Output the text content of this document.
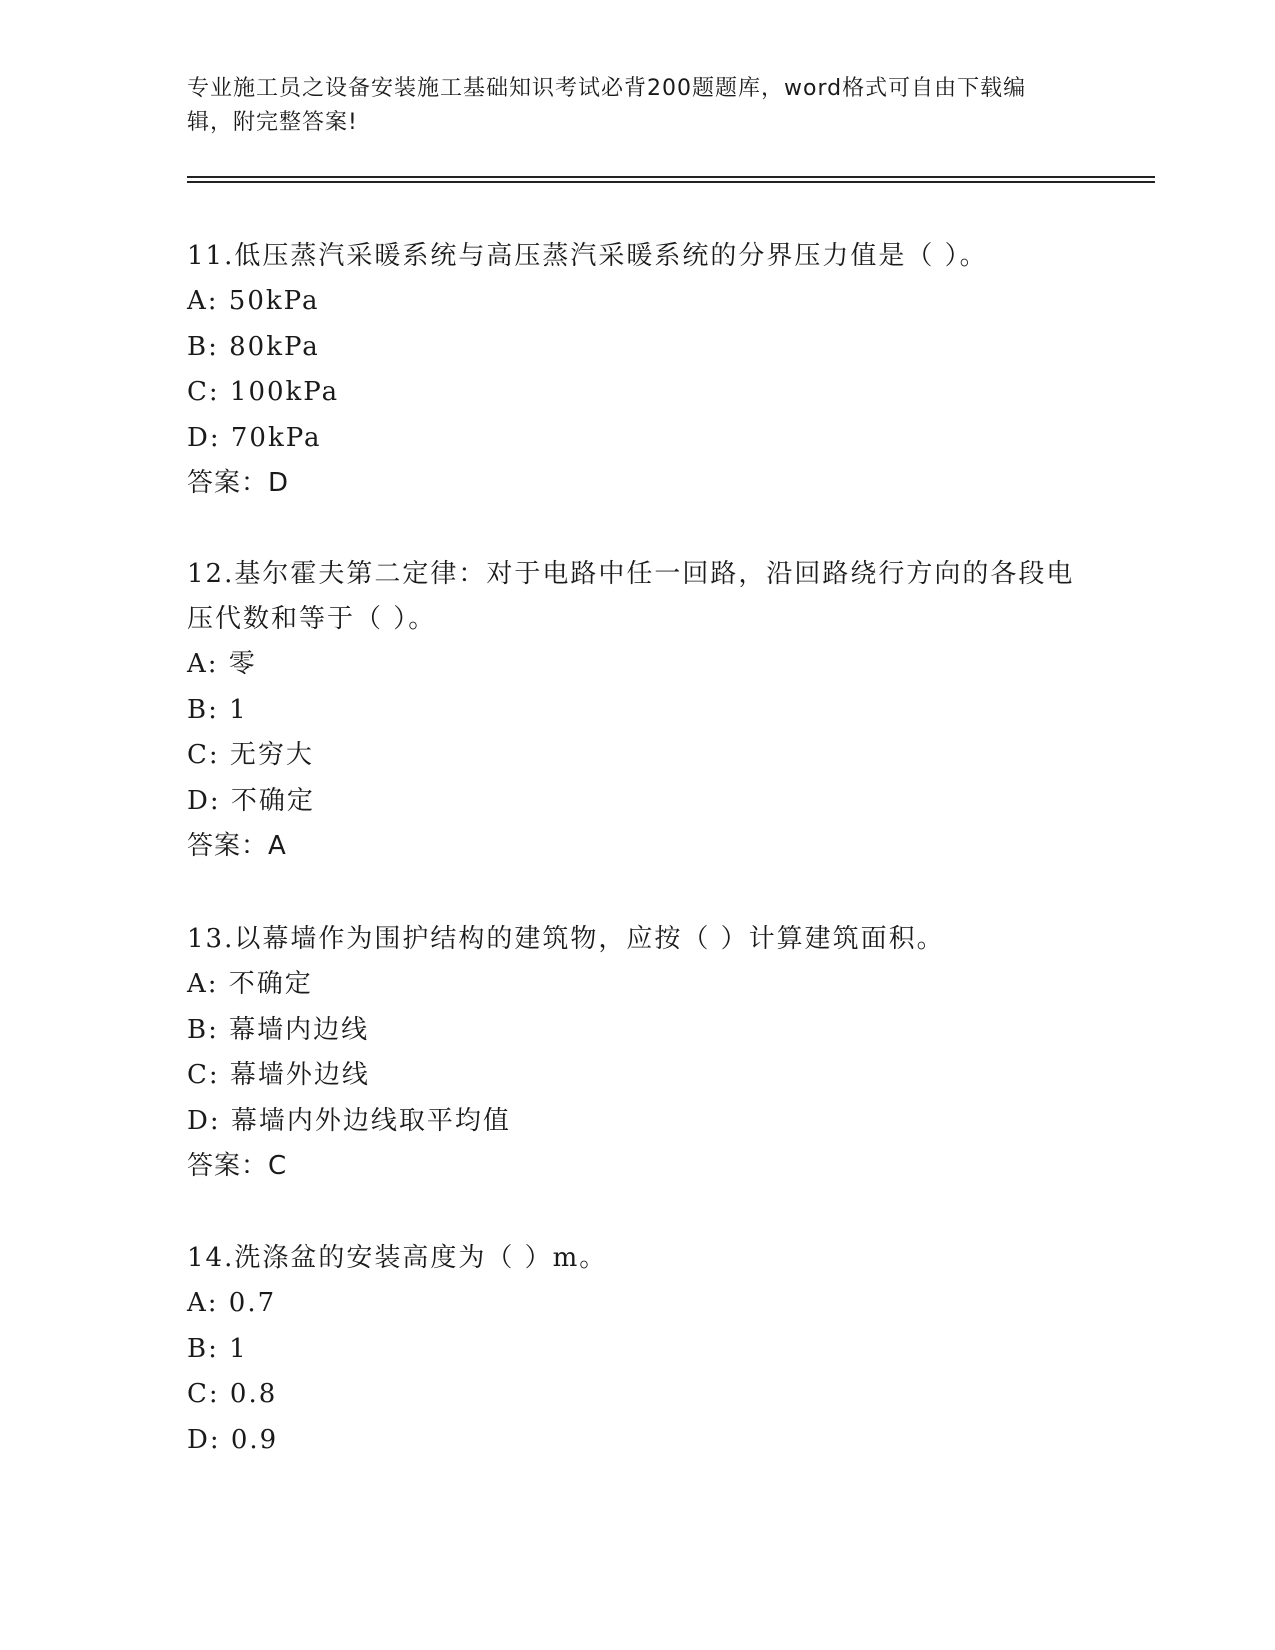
专业施工员之设备安装施工基础知识考试必背200题题库，word格式可自由下载编辑，附完整答案!

11.低压蒸汽采暖系统与高压蒸汽采暖系统的分界压力值是（ ）。

A: 50kPa

B: 80kPa

C: 100kPa

D: 70kPa

答案：D

12.基尔霍夫第二定律：对于电路中任一回路，沿回路绕行方向的各段电压代数和等于（ ）。

A: 零

B: 1

C: 无穷大

D: 不确定

答案：A

13.以幕墙作为围护结构的建筑物，应按（ ）计算建筑面积。

A: 不确定

B: 幕墙内边线

C: 幕墙外边线

D: 幕墙内外边线取平均值

答案：C

14.洗涤盆的安装高度为（ ）m。

A: 0.7

B: 1

C: 0.8

D: 0.9
